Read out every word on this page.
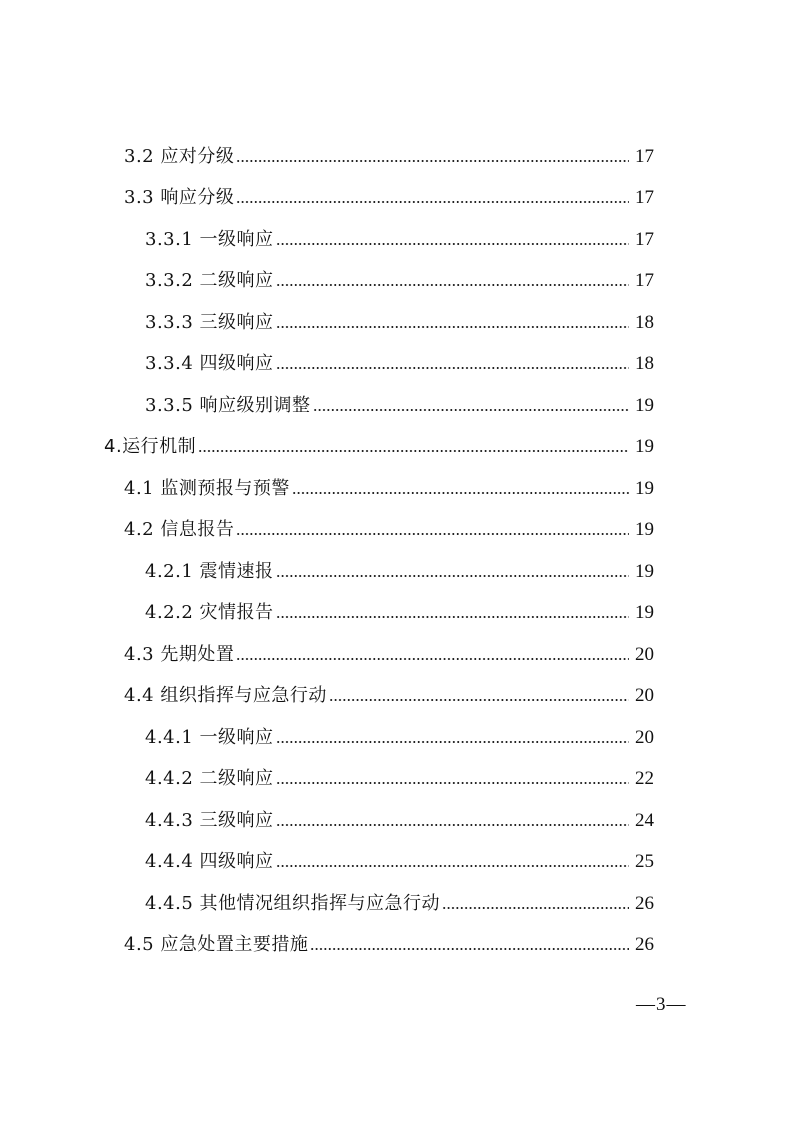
3.2 应对分级	17
3.3 响应分级	17
3.3.1 一级响应	17
3.3.2 二级响应	17
3.3.3 三级响应	18
3.3.4 四级响应	18
3.3.5 响应级别调整	19
4.运行机制	19
4.1 监测预报与预警	19
4.2 信息报告	19
4.2.1 震情速报	19
4.2.2 灾情报告	19
4.3 先期处置	20
4.4 组织指挥与应急行动	20
4.4.1 一级响应	20
4.4.2 二级响应	22
4.4.3 三级响应	24
4.4.4 四级响应	25
4.4.5 其他情况组织指挥与应急行动	26
4.5 应急处置主要措施	26
—3—
